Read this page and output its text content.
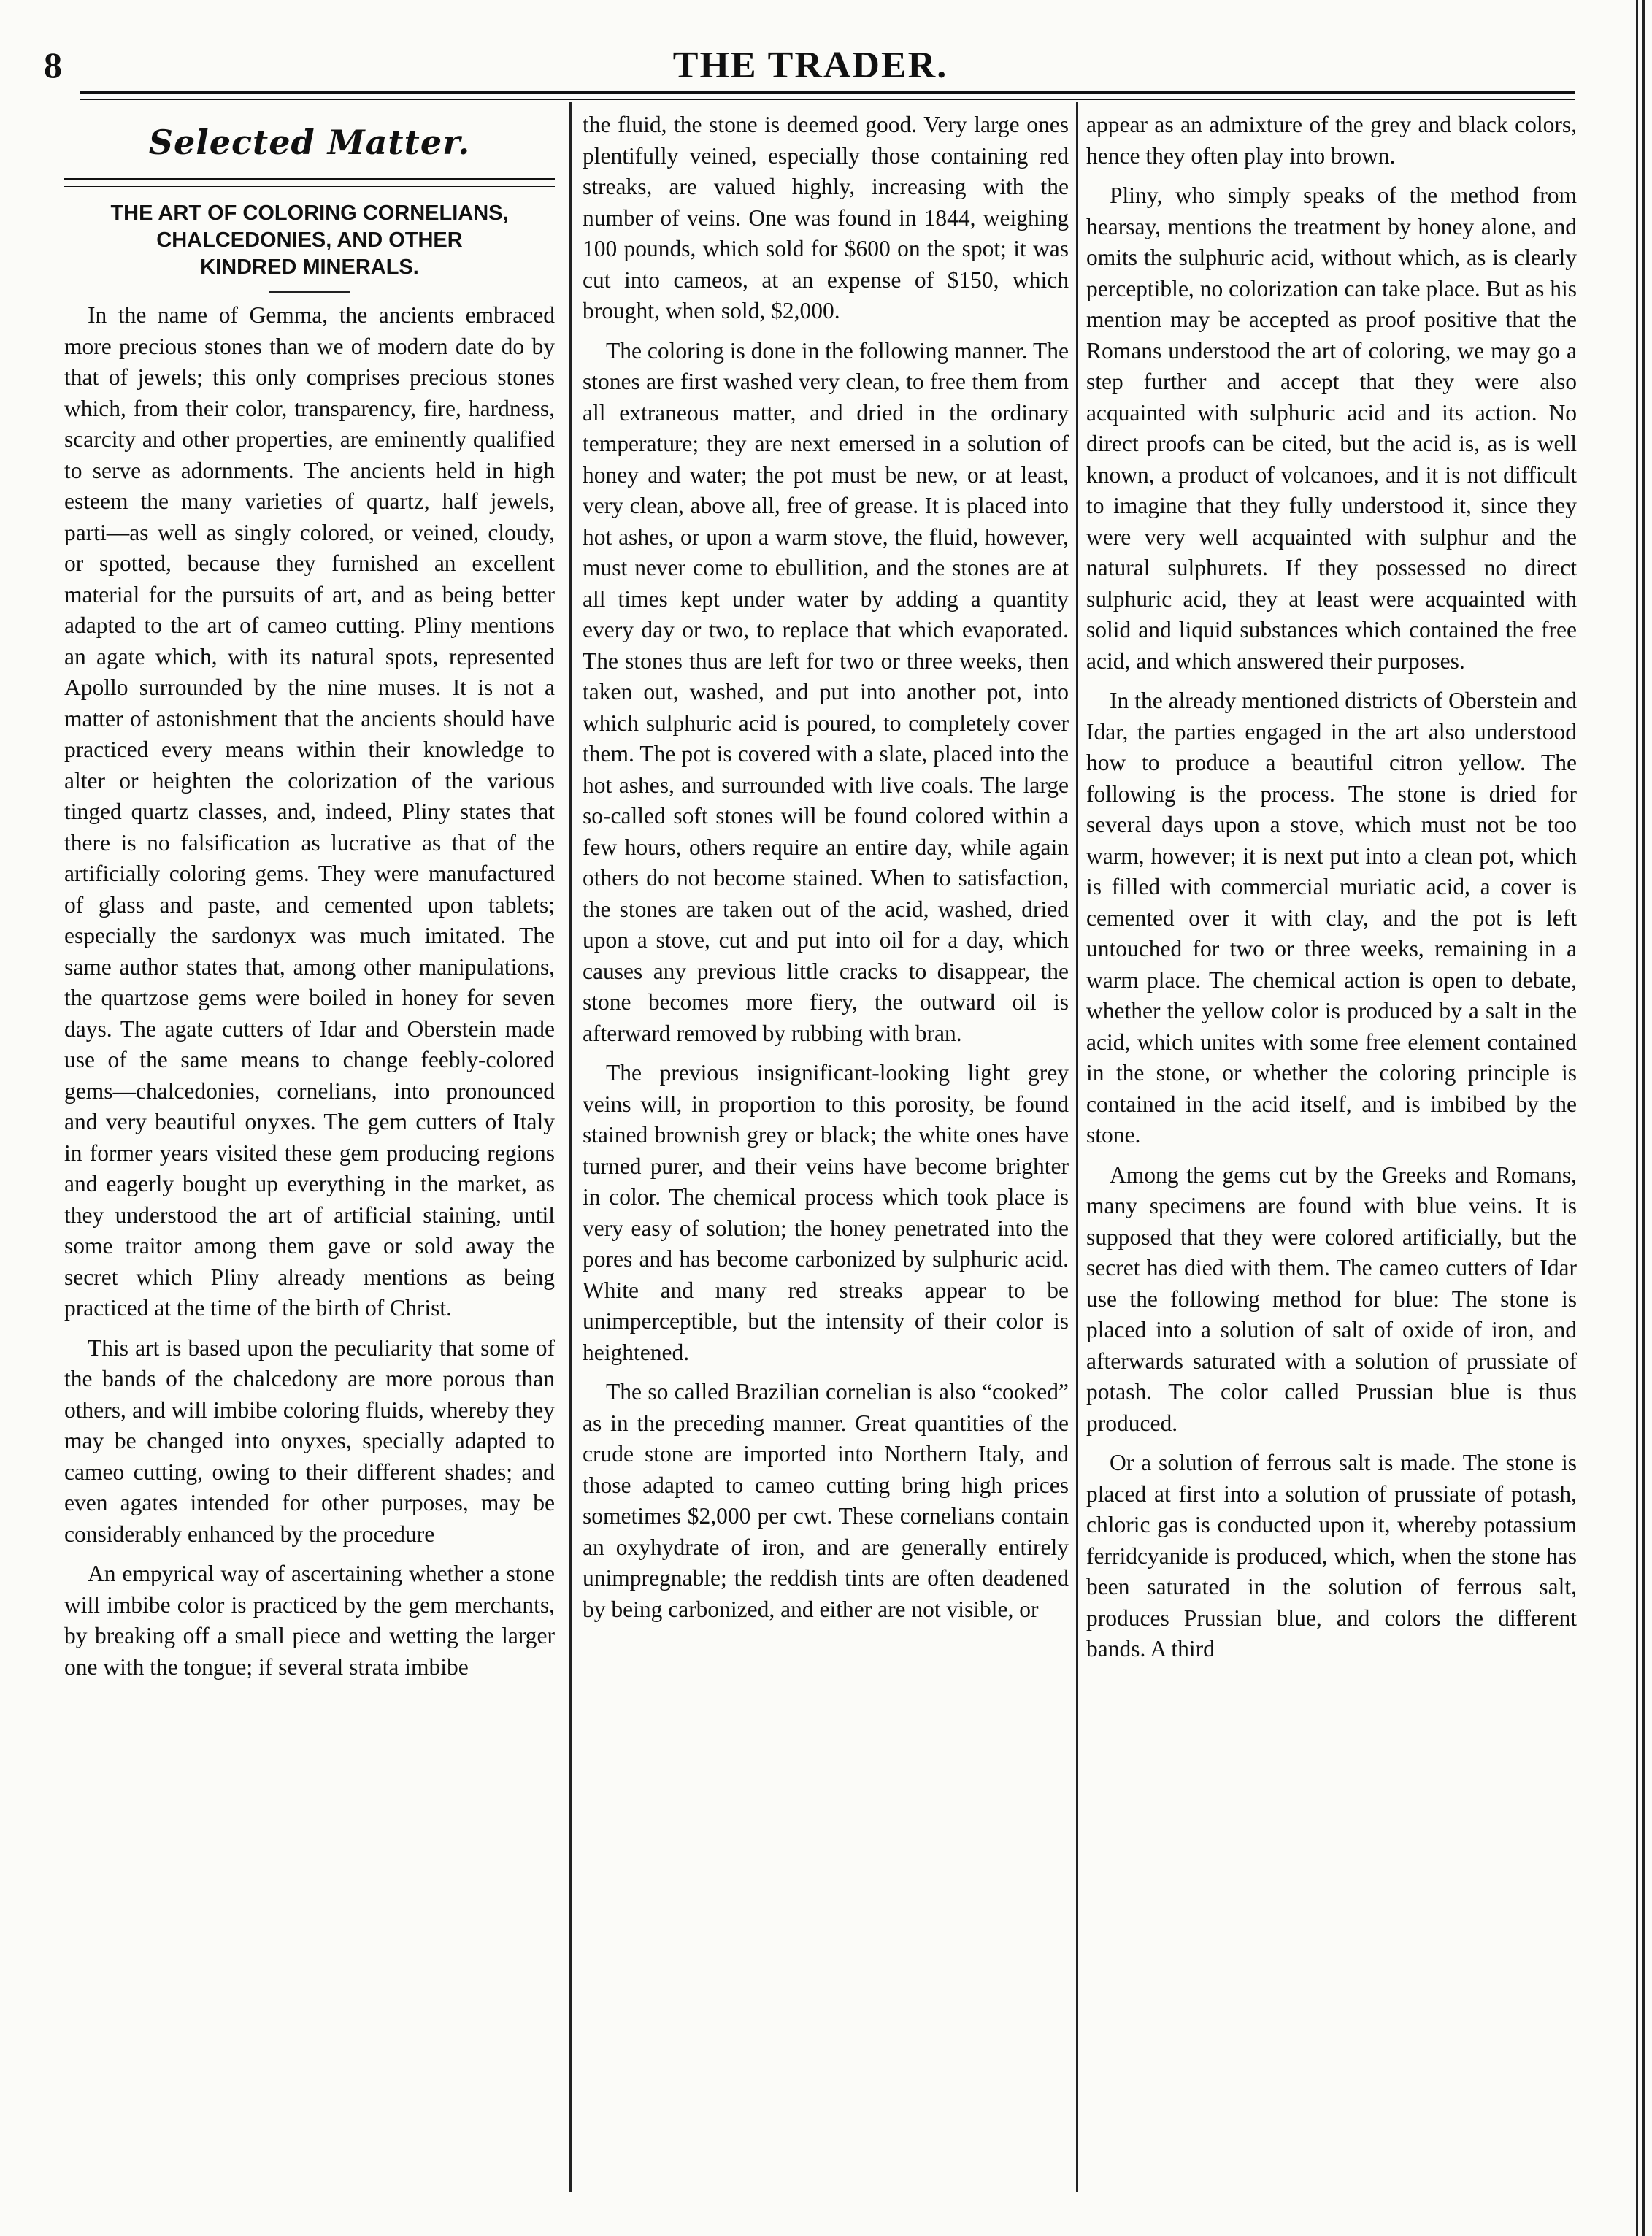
8	THE TRADER.
Selected Matter.
THE ART OF COLORING CORNELIANS,
CHALCEDONIES, AND OTHER
KINDRED MINERALS.

In the name of Gemma, the ancients embraced more precious stones than we of modern date do by that of jewels; this only comprises precious stones which, from their color, transparency, fire, hardness, scarcity and other properties, are eminently qualified to serve as adornments. The ancients held in high esteem the many varieties of quartz, half jewels, parti—as well as singly colored, or veined, cloudy, or spotted, because they furnished an excellent material for the pursuits of art, and as being better adapted to the art of cameo cutting. Pliny mentions an agate which, with its natural spots, represented Apollo surrounded by the nine muses. It is not a matter of astonishment that the ancients should have practiced every means within their knowledge to alter or heighten the colorization of the various tinged quartz classes, and, indeed, Pliny states that there is no falsification as lucrative as that of the artificially coloring gems. They were manufactured of glass and paste, and cemented upon tablets; especially the sardonyx was much imitated. The same author states that, among other manipulations, the quartzose gems were boiled in honey for seven days. The agate cutters of Idar and Oberstein made use of the same means to change feebly-colored gems—chalcedonies, cornelians, into pronounced and very beautiful onyxes. The gem cutters of Italy in former years visited these gem producing regions and eagerly bought up everything in the market, as they understood the art of artificial staining, until some traitor among them gave or sold away the secret which Pliny already mentions as being practiced at the time of the birth of Christ.

This art is based upon the peculiarity that some of the bands of the chalcedony are more porous than others, and will imbibe coloring fluids, whereby they may be changed into onyxes, specially adapted to cameo cutting, owing to their different shades; and even agates intended for other purposes, may be considerably enhanced by the procedure

An empyrical way of ascertaining whether a stone will imbibe color is practiced by the gem merchants, by breaking off a small piece and wetting the larger one with the tongue; if several strata imbibe

the fluid, the stone is deemed good. Very large ones plentifully veined, especially those containing red streaks, are valued highly, increasing with the number of veins. One was found in 1844, weighing 100 pounds, which sold for $600 on the spot; it was cut into cameos, at an expense of $150, which brought, when sold, $2,000.

The coloring is done in the following manner. The stones are first washed very clean, to free them from all extraneous matter, and dried in the ordinary temperature; they are next emersed in a solution of honey and water; the pot must be new, or at least, very clean, above all, free of grease. It is placed into hot ashes, or upon a warm stove, the fluid, however, must never come to ebullition, and the stones are at all times kept under water by adding a quantity every day or two, to replace that which evaporated. The stones thus are left for two or three weeks, then taken out, washed, and put into another pot, into which sulphuric acid is poured, to completely cover them. The pot is covered with a slate, placed into the hot ashes, and surrounded with live coals. The large so-called soft stones will be found colored within a few hours, others require an entire day, while again others do not become stained. When to satisfaction, the stones are taken out of the acid, washed, dried upon a stove, cut and put into oil for a day, which causes any previous little cracks to disappear, the stone becomes more fiery, the outward oil is afterward removed by rubbing with bran.

The previous insignificant-looking light grey veins will, in proportion to this porosity, be found stained brownish grey or black; the white ones have turned purer, and their veins have become brighter in color. The chemical process which took place is very easy of solution; the honey penetrated into the pores and has become carbonized by sulphuric acid. White and many red streaks appear to be unimperceptible, but the intensity of their color is heightened.

The so called Brazilian cornelian is also “cooked” as in the preceding manner. Great quantities of the crude stone are imported into Northern Italy, and those adapted to cameo cutting bring high prices sometimes $2,000 per cwt. These cornelians contain an oxyhydrate of iron, and are generally entirely unimpregnable; the reddish tints are often deadened by being carbonized, and either are not visible, or

appear as an admixture of the grey and black colors, hence they often play into brown.

Pliny, who simply speaks of the method from hearsay, mentions the treatment by honey alone, and omits the sulphuric acid, without which, as is clearly perceptible, no colorization can take place. But as his mention may be accepted as proof positive that the Romans understood the art of coloring, we may go a step further and accept that they were also acquainted with sulphuric acid and its action. No direct proofs can be cited, but the acid is, as is well known, a product of volcanoes, and it is not difficult to imagine that they fully understood it, since they were very well acquainted with sulphur and the natural sulphurets. If they possessed no direct sulphuric acid, they at least were acquainted with solid and liquid substances which contained the free acid, and which answered their purposes.

In the already mentioned districts of Oberstein and Idar, the parties engaged in the art also understood how to produce a beautiful citron yellow. The following is the process. The stone is dried for several days upon a stove, which must not be too warm, however; it is next put into a clean pot, which is filled with commercial muriatic acid, a cover is cemented over it with clay, and the pot is left untouched for two or three weeks, remaining in a warm place. The chemical action is open to debate, whether the yellow color is produced by a salt in the acid, which unites with some free element contained in the stone, or whether the coloring principle is contained in the acid itself, and is imbibed by the stone.

Among the gems cut by the Greeks and Romans, many specimens are found with blue veins. It is supposed that they were colored artificially, but the secret has died with them. The cameo cutters of Idar use the following method for blue: The stone is placed into a solution of salt of oxide of iron, and afterwards saturated with a solution of prussiate of potash. The color called Prussian blue is thus produced.

Or a solution of ferrous salt is made. The stone is placed at first into a solution of prussiate of potash, chloric gas is conducted upon it, whereby potassium ferridcyanide is produced, which, when the stone has been saturated in the solution of ferrous salt, produces Prussian blue, and colors the different bands. A third
